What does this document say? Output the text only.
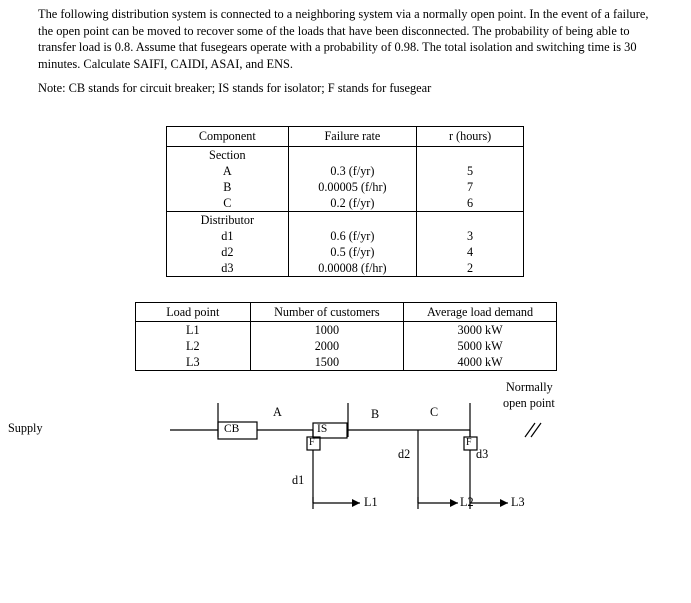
The following distribution system is connected to a neighboring system via a normally open point. In the event of a failure, the open point can be moved to recover some of the loads that have been disconnected. The probability of being able to transfer load is 0.8. Assume that fusegears operate with a probability of 0.98. The total isolation and switching time is 30 minutes. Calculate SAIFI, CAIDI, ASAI, and ENS.
Note: CB stands for circuit breaker; IS stands for isolator; F stands for fusegear
Component	Failure rate	r (hours)
Section		
A	0.3 (f/yr)	5
B	0.00005 (f/hr)	7
C	0.2 (f/yr)	6
Distributor		
d1	0.6 (f/yr)	3
d2	0.5 (f/yr)	4
d3	0.00008 (f/hr)	2
Load point	Number of customers	Average load demand
L1	1000	3000 kW
L2	2000	5000 kW
L3	1500	4000 kW
Supply	CB	IS
A	B	C
Normally
open point
F	F
d1
d2	d3
L1	L2	L3
